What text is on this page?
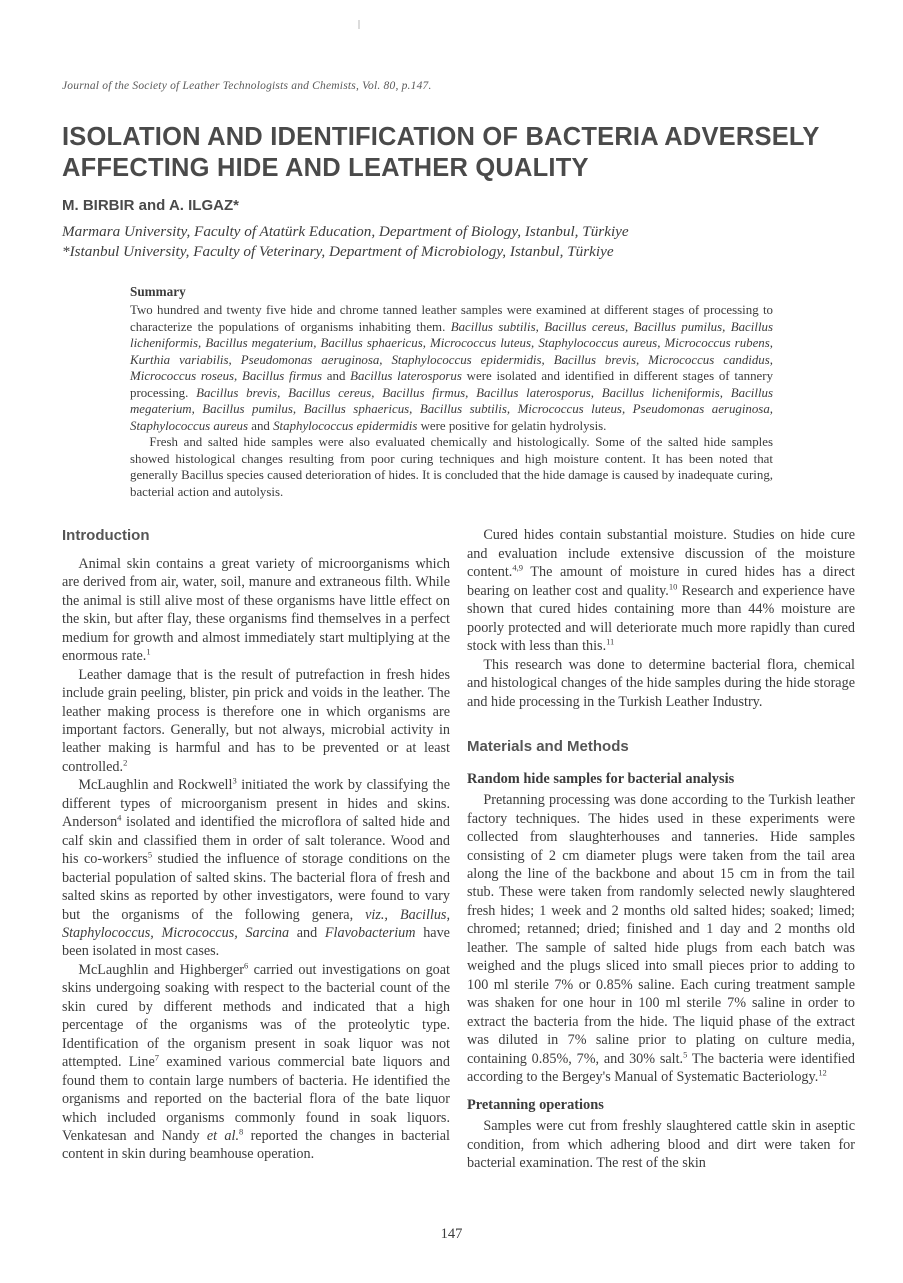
Journal of the Society of Leather Technologists and Chemists, Vol. 80, p.147.
ISOLATION AND IDENTIFICATION OF BACTERIA ADVERSELY AFFECTING HIDE AND LEATHER QUALITY
M. BIRBIR and A. ILGAZ*
Marmara University, Faculty of Atatürk Education, Department of Biology, Istanbul, Türkiye
*Istanbul University, Faculty of Veterinary, Department of Microbiology, Istanbul, Türkiye
Summary

Two hundred and twenty five hide and chrome tanned leather samples were examined at different stages of processing to characterize the populations of organisms inhabiting them. Bacillus subtilis, Bacillus cereus, Bacillus pumilus, Bacillus licheniformis, Bacillus megaterium, Bacillus sphaericus, Micrococcus luteus, Staphylococcus aureus, Micrococcus rubens, Kurthia variabilis, Pseudomonas aeruginosa, Staphylococcus epidermidis, Bacillus brevis, Micrococcus candidus, Micrococcus roseus, Bacillus firmus and Bacillus laterosporus were isolated and identified in different stages of tannery processing. Bacillus brevis, Bacillus cereus, Bacillus firmus, Bacillus laterosporus, Bacillus licheniformis, Bacillus megaterium, Bacillus pumilus, Bacillus sphaericus, Bacillus subtilis, Micrococcus luteus, Pseudomonas aeruginosa, Staphylococcus aureus and Staphylococcus epidermidis were positive for gelatin hydrolysis.

Fresh and salted hide samples were also evaluated chemically and histologically. Some of the salted hide samples showed histological changes resulting from poor curing techniques and high moisture content. It has been noted that generally Bacillus species caused deterioration of hides. It is concluded that the hide damage is caused by inadequate curing, bacterial action and autolysis.

Introduction

Animal skin contains a great variety of microorganisms which are derived from air, water, soil, manure and extraneous filth. While the animal is still alive most of these organisms have little effect on the skin, but after flay, these organisms find themselves in a perfect medium for growth and almost immediately start multiplying at the enormous rate.$^1$

Leather damage that is the result of putrefaction in fresh hides include grain peeling, blister, pin prick and voids in the leather. The leather making process is therefore one in which organisms are important factors. Generally, but not always, microbial activity in leather making is harmful and has to be prevented or at least controlled.$^2$

McLaughlin and Rockwell$^3$ initiated the work by classifying the different types of microorganism present in hides and skins. Anderson$^4$ isolated and identified the microflora of salted hide and calf skin and classified them in order of salt tolerance. Wood and his co-workers$^5$ studied the influence of storage conditions on the bacterial population of salted skins. The bacterial flora of fresh and salted skins as reported by other investigators, were found to vary but the organisms of the following genera, viz., Bacillus, Staphylococcus, Micrococcus, Sarcina and Flavobacterium have been isolated in most cases.

McLaughlin and Highberger$^6$ carried out investigations on goat skins undergoing soaking with respect to the bacterial count of the skin cured by different methods and indicated that a high percentage of the organisms was of the proteolytic type. Identification of the organism present in soak liquor was not attempted. Line$^7$ examined various commercial bate liquors and found them to contain large numbers of bacteria. He identified the organisms and reported on the bacterial flora of the bate liquor which included organisms commonly found in soak liquors. Venkatesan and Nandy et al.$^8$ reported the changes in bacterial content in skin during beamhouse operation.

Cured hides contain substantial moisture. Studies on hide cure and evaluation include extensive discussion of the moisture content.$^{4,9}$ The amount of moisture in cured hides has a direct bearing on leather cost and quality.$^{10}$ Research and experience have shown that cured hides containing more than 44% moisture are poorly protected and will deteriorate much more rapidly than cured stock with less than this.$^{11}$

This research was done to determine bacterial flora, chemical and histological changes of the hide samples during the hide storage and hide processing in the Turkish Leather Industry.

Materials and Methods
Random hide samples for bacterial analysis

Pretanning processing was done according to the Turkish leather factory techniques. The hides used in these experiments were collected from slaughterhouses and tanneries. Hide samples consisting of 2 cm diameter plugs were taken from the tail area along the line of the backbone and about 15 cm in from the tail stub. These were taken from randomly selected newly slaughtered fresh hides; 1 week and 2 months old salted hides; soaked; limed; chromed; retanned; dried; finished and 1 day and 2 months old leather. The sample of salted hide plugs from each batch was weighed and the plugs sliced into small pieces prior to adding to 100 ml sterile 7% or 0.85% saline. Each curing treatment sample was shaken for one hour in 100 ml sterile 7% saline in order to extract the bacteria from the hide. The liquid phase of the extract was diluted in 7% saline prior to plating on culture media, containing 0.85%, 7%, and 30% salt.$^5$ The bacteria were identified according to the Bergey's Manual of Systematic Bacteriology.$^{12}$

Pretanning operations

Samples were cut from freshly slaughtered cattle skin in aseptic condition, from which adhering blood and dirt were taken for bacterial examination. The rest of the skin

147
